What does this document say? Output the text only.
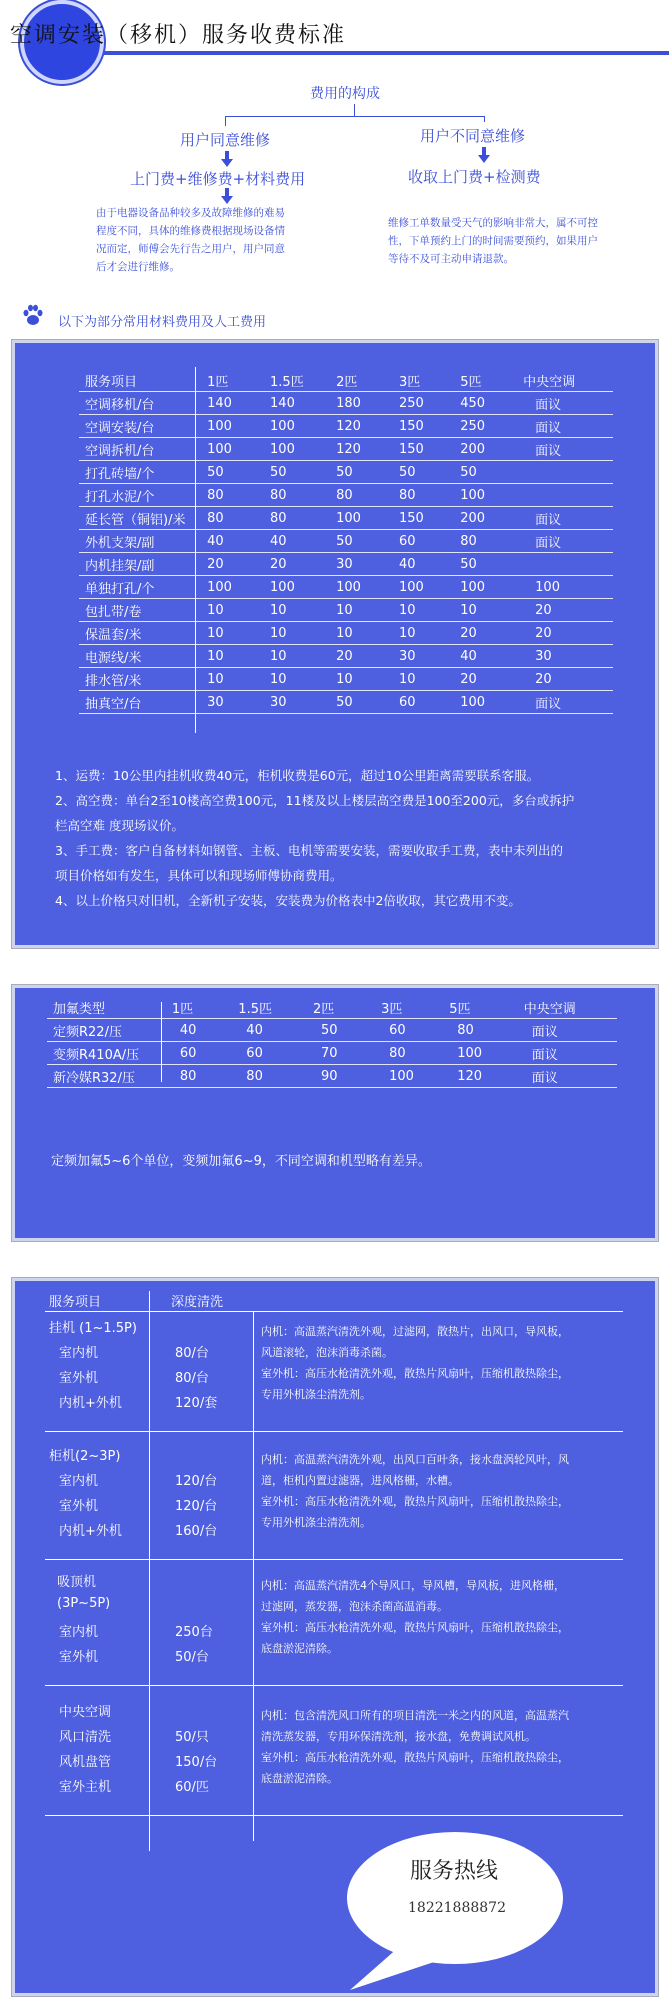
空调安装（移机）服务收费标准
费用的构成
用户同意维修
上门费+维修费+材料费用
由于电器设备品种较多及故障维修的难易
程度不同，具体的维修费根据现场设备情
况而定，师傅会先行告之用户，用户同意
后才会进行维修。
用户不同意维修
收取上门费+检测费
维修工单数量受天气的影响非常大，属不可控
性，下单预约上门的时间需要预约，如果用户
等待不及可主动申请退款。
以下为部分常用材料费用及人工费用
服务项目	1匹	1.5匹	2匹	3匹	5匹	中央空调
空调移机/台	140	140	180	250	450	面议
空调安装/台	100	100	120	150	250	面议
空调拆机/台	100	100	120	150	200	面议
打孔砖墙/个	50	50	50	50	50	
打孔水泥/个	80	80	80	80	100	
延长管（铜铝)/米	80	80	100	150	200	面议
外机支架/副	40	40	50	60	80	面议
内机挂架/副	20	20	30	40	50	
单独打孔/个	100	100	100	100	100	100
包扎带/卷	10	10	10	10	10	20
保温套/米	10	10	10	10	20	20
电源线/米	10	10	20	30	40	30
排水管/米	10	10	10	10	20	20
抽真空/台	30	30	50	60	100	面议
1、运费：10公里内挂机收费40元，柜机收费是60元，超过10公里距离需要联系客服。
2、高空费：单台2至10楼高空费100元，11楼及以上楼层高空费是100至200元，多台或拆护
栏高空难 度现场议价。
3、手工费：客户自备材料如钢管、主板、电机等需要安装，需要收取手工费，表中未列出的
项目价格如有发生，具体可以和现场师傅协商费用。
4、以上价格只对旧机，全新机子安装，安装费为价格表中2倍收取，其它费用不变。
加氟类型	1匹	1.5匹	2匹	3匹	5匹	中央空调
定频R22/压	40	40	50	60	80	面议
变频R410A/压	60	60	70	80	100	面议
新冷媒R32/压	80	80	90	100	120	面议
定频加氟5~6个单位，变频加氟6~9，不同空调和机型略有差异。
服务项目	深度清洗
挂机 (1~1.5P)
室内机	80/台
室外机	80/台
内机+外机	120/套
内机：高温蒸汽清洗外观，过滤网，散热片，出风口，导风板，
风道滚轮，泡沫消毒杀菌。
室外机：高压水枪清洗外观，散热片风扇叶，压缩机散热除尘，
专用外机涤尘清洗剂。
柜机(2~3P)
室内机	120/台
室外机	120/台
内机+外机	160/台
内机：高温蒸汽清洗外观，出风口百叶条，接水盘涡轮风叶，风
道，柜机内置过滤器，进风格栅，水槽。
室外机：高压水枪清洗外观，散热片风扇叶，压缩机散热除尘，
专用外机涤尘清洗剂。
吸顶机
(3P~5P)
室内机	250台
室外机	50/台
内机：高温蒸汽清洗4个导风口，导风槽，导风板，进风格栅，
过滤网，蒸发器，泡沫杀菌高温消毒。
室外机：高压水枪清洗外观，散热片风扇叶，压缩机散热除尘，
底盘淤泥清除。
中央空调
风口清洗	50/只
风机盘管	150/台
室外主机	60/匹
内机：包含清洗风口所有的项目清洗一米之内的风道，高温蒸汽
清洗蒸发器，专用环保清洗剂，接水盘，免费调试风机。
室外机：高压水枪清洗外观，散热片风扇叶，压缩机散热除尘，
底盘淤泥清除。
服务热线
18221888872
